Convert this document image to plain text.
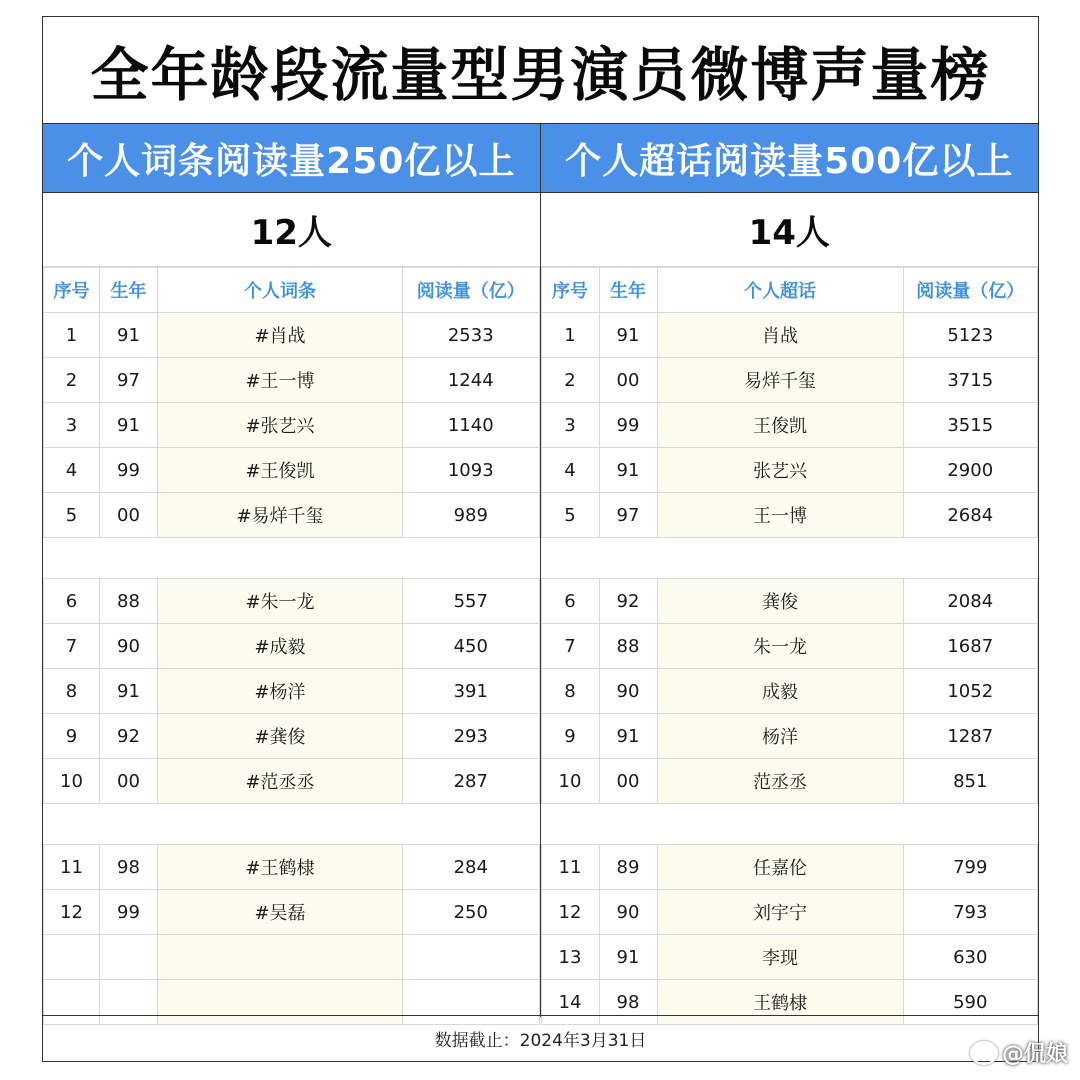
全年龄段流量型男演员微博声量榜
个人词条阅读量250亿以上
12人
序号	生年	个人词条	阅读量（亿）
1	91	#肖战	2533
2	97	#王一博	1244
3	91	#张艺兴	1140
4	99	#王俊凯	1093
5	00	#易烊千玺	989

6	88	#朱一龙	557
7	90	#成毅	450
8	91	#杨洋	391
9	92	#龚俊	293
10	00	#范丞丞	287

11	98	#王鹤棣	284
12	99	#吴磊	250

个人超话阅读量500亿以上
14人
序号	生年	个人超话	阅读量（亿）
1	91	肖战	5123
2	00	易烊千玺	3715
3	99	王俊凯	3515
4	91	张艺兴	2900
5	97	王一博	2684

6	92	龚俊	2084
7	88	朱一龙	1687
8	90	成毅	1052
9	91	杨洋	1287
10	00	范丞丞	851

11	89	任嘉伦	799
12	90	刘宇宁	793
13	91	李现	630
14	98	王鹤棣	590
数据截止：2024年3月31日
@侃娘
